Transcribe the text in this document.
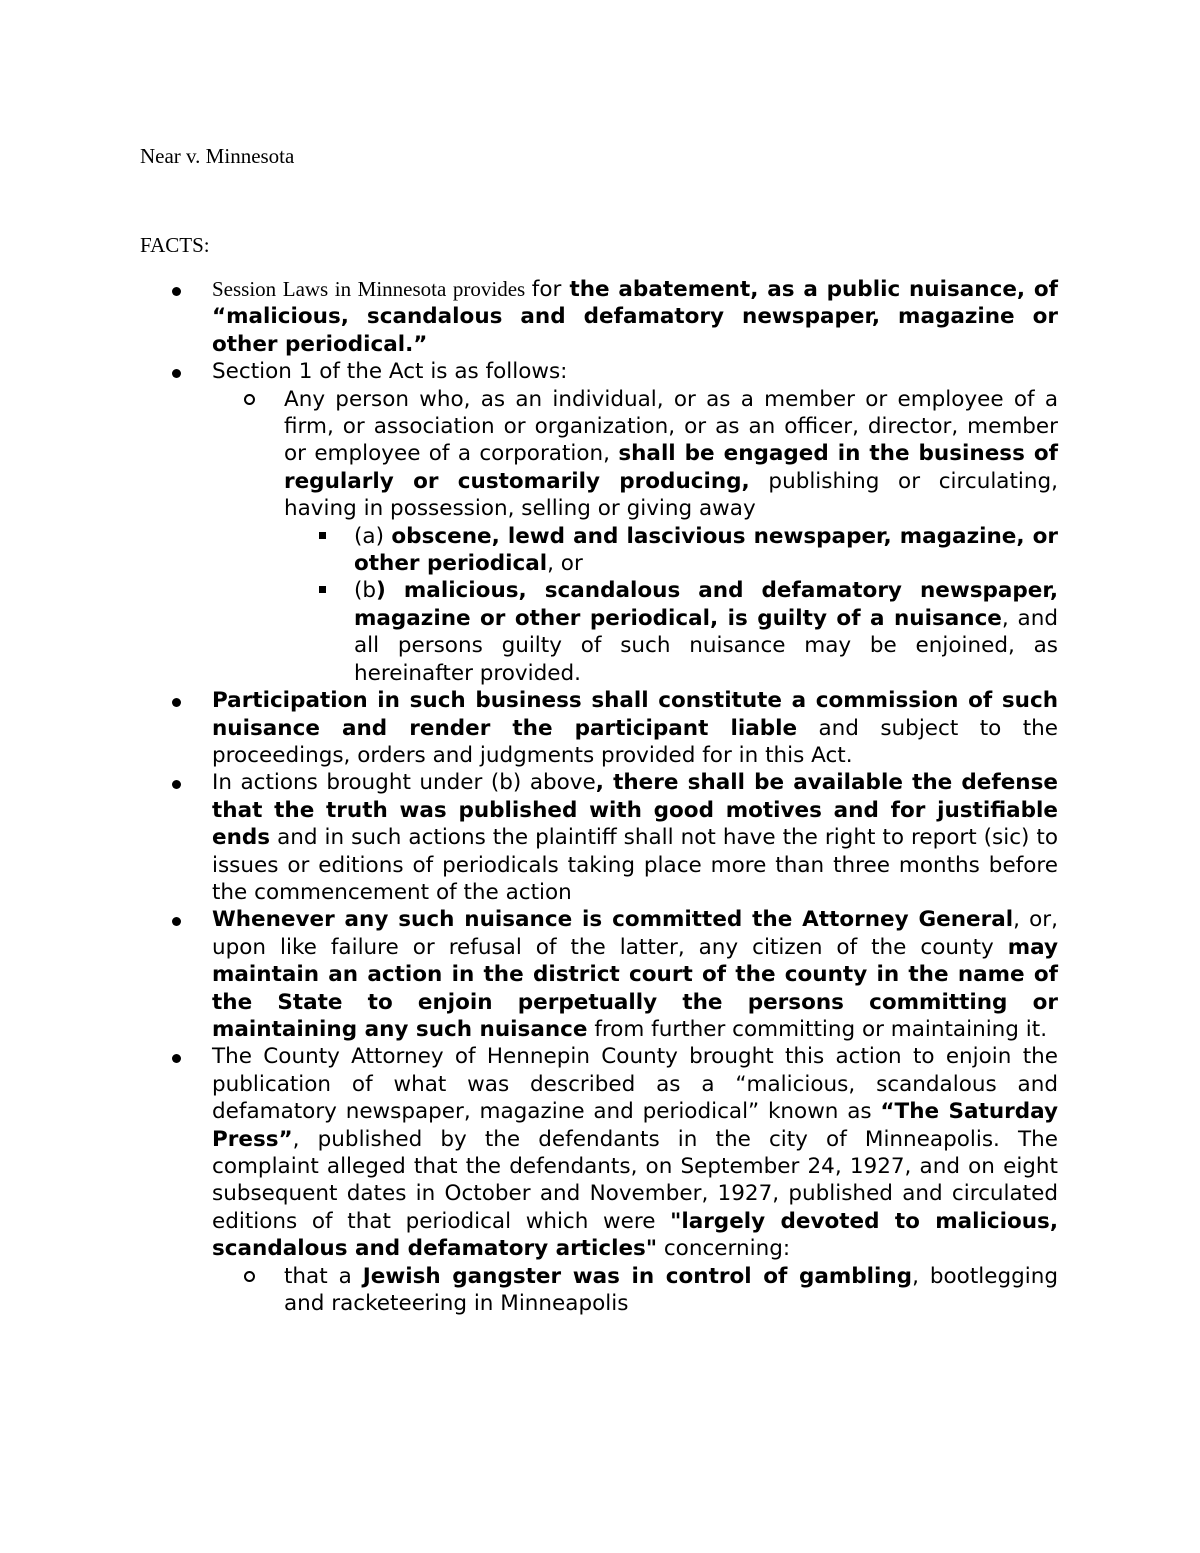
Near v. Minnesota
FACTS:
Session Laws in Minnesota provides for the abatement, as a public nuisance, of “malicious, scandalous and defamatory newspaper, magazine or other periodical.”
Section 1 of the Act is as follows:
Any person who, as an individual, or as a member or employee of a firm, or association or organization, or as an officer, director, member or employee of a corporation, shall be engaged in the business of regularly or customarily producing, publishing or circulating, having in possession, selling or giving away
(a) obscene, lewd and lascivious newspaper, magazine, or other periodical, or
(b) malicious, scandalous and defamatory newspaper, magazine or other periodical, is guilty of a nuisance, and all persons guilty of such nuisance may be enjoined, as hereinafter provided.
Participation in such business shall constitute a commission of such nuisance and render the participant liable and subject to the proceedings, orders and judgments provided for in this Act.
In actions brought under (b) above, there shall be available the defense that the truth was published with good motives and for justifiable ends and in such actions the plaintiff shall not have the right to report (sic) to issues or editions of periodicals taking place more than three months before the commencement of the action
Whenever any such nuisance is committed the Attorney General, or, upon like failure or refusal of the latter, any citizen of the county may maintain an action in the district court of the county in the name of the State to enjoin perpetually the persons committing or maintaining any such nuisance from further committing or maintaining it.
The County Attorney of Hennepin County brought this action to enjoin the publication of what was described as a “malicious, scandalous and defamatory newspaper, magazine and periodical” known as “The Saturday Press”, published by the defendants in the city of Minneapolis. The complaint alleged that the defendants, on September 24, 1927, and on eight subsequent dates in October and November, 1927, published and circulated editions of that periodical which were "largely devoted to malicious, scandalous and defamatory articles" concerning:
that a Jewish gangster was in control of gambling, bootlegging and racketeering in Minneapolis
